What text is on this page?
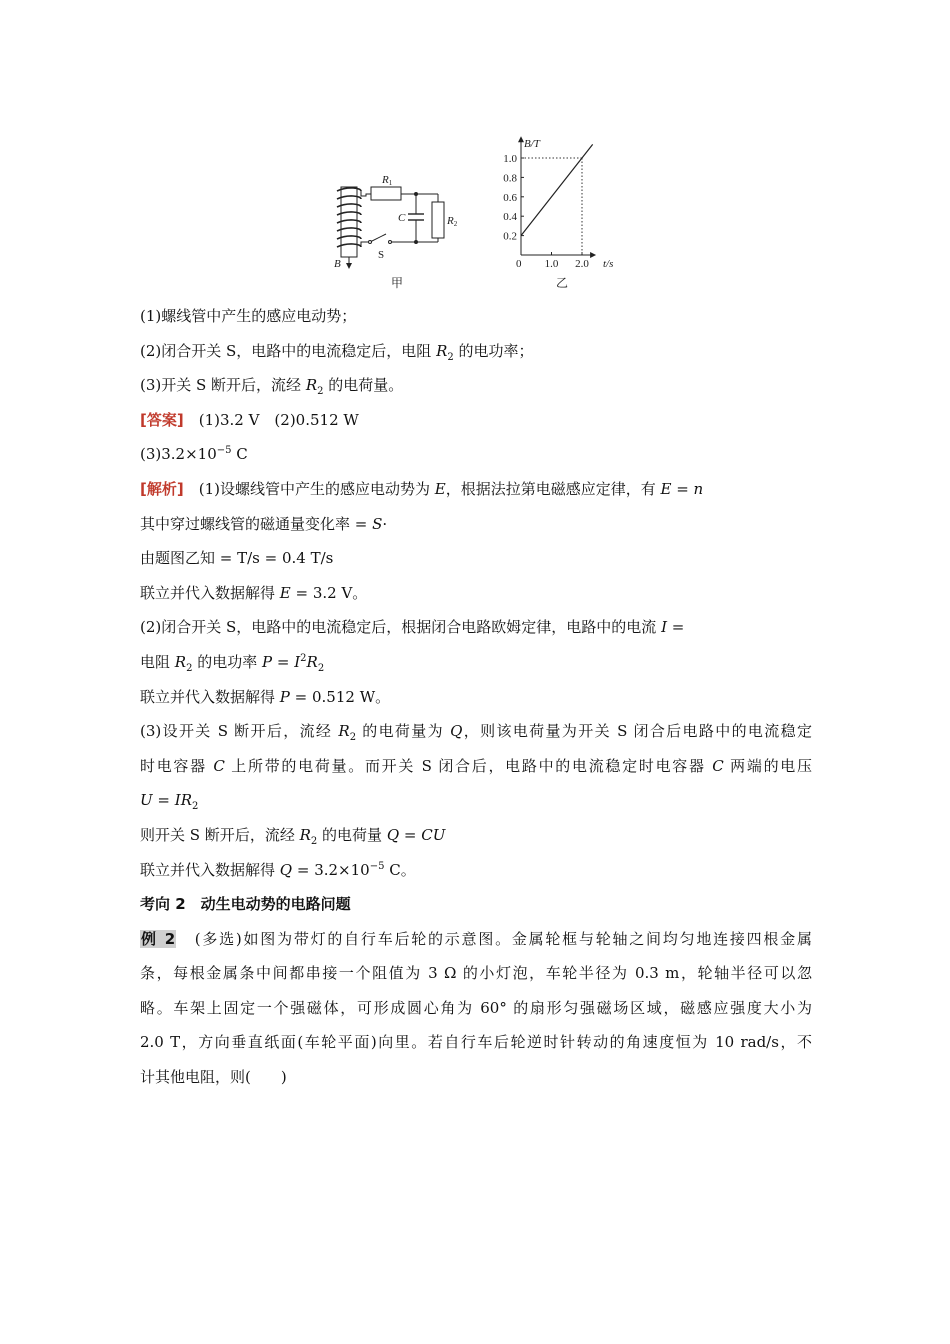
R1
R2
C
S
B
甲
1.0
0.8
0.6
0.4
0.2
1.0 2.0
B/T
t/s
0
乙
(1)螺线管中产生的感应电动势；
(2)闭合开关 S，电路中的电流稳定后，电阻 $R_2$ 的电功率；
(3)开关 S 断开后，流经 $R_2$ 的电荷量。
[答案]　(1)3.2 V　(2)0.512 W
$(3)3.2\times 10^{-5}$ C
[解析]　(1)设螺线管中产生的感应电动势为 E，根据法拉第电磁感应定律，有 E = n
其中穿过螺线管的磁通量变化率 = S·
由题图乙知 = T/s = 0.4 T/s
联立并代入数据解得 E = 3.2 V。
(2)闭合开关 S，电路中的电流稳定后，根据闭合电路欧姆定律，电路中的电流 I =
电阻 $R_2$ 的电功率 $P = I^2R_2$
联立并代入数据解得 P = 0.512 W。
(3)设开关 S 断开后，流经 $R_2$ 的电荷量为 Q，则该电荷量为开关 S 闭合后电路中的电流稳定
时电容器 C 上所带的电荷量。而开关 S 闭合后，电路中的电流稳定时电容器 C 两端的电压
$U = IR_2$
则开关 S 断开后，流经 $R_2$ 的电荷量 Q = CU
联立并代入数据解得 $Q = 3.2\times 10^{-5}$ C。
考向 2　动生电动势的电路问题
例 2　(多选)如图为带灯的自行车后轮的示意图。金属轮框与轮轴之间均匀地连接四根金属
条，每根金属条中间都串接一个阻值为 3 Ω 的小灯泡，车轮半径为 0.3 m，轮轴半径可以忽
略。车架上固定一个强磁体，可形成圆心角为 60° 的扇形匀强磁场区域，磁感应强度大小为
2.0 T，方向垂直纸面(车轮平面)向里。若自行车后轮逆时针转动的角速度恒为 10 rad/s，不
计其他电阻，则(　　)
